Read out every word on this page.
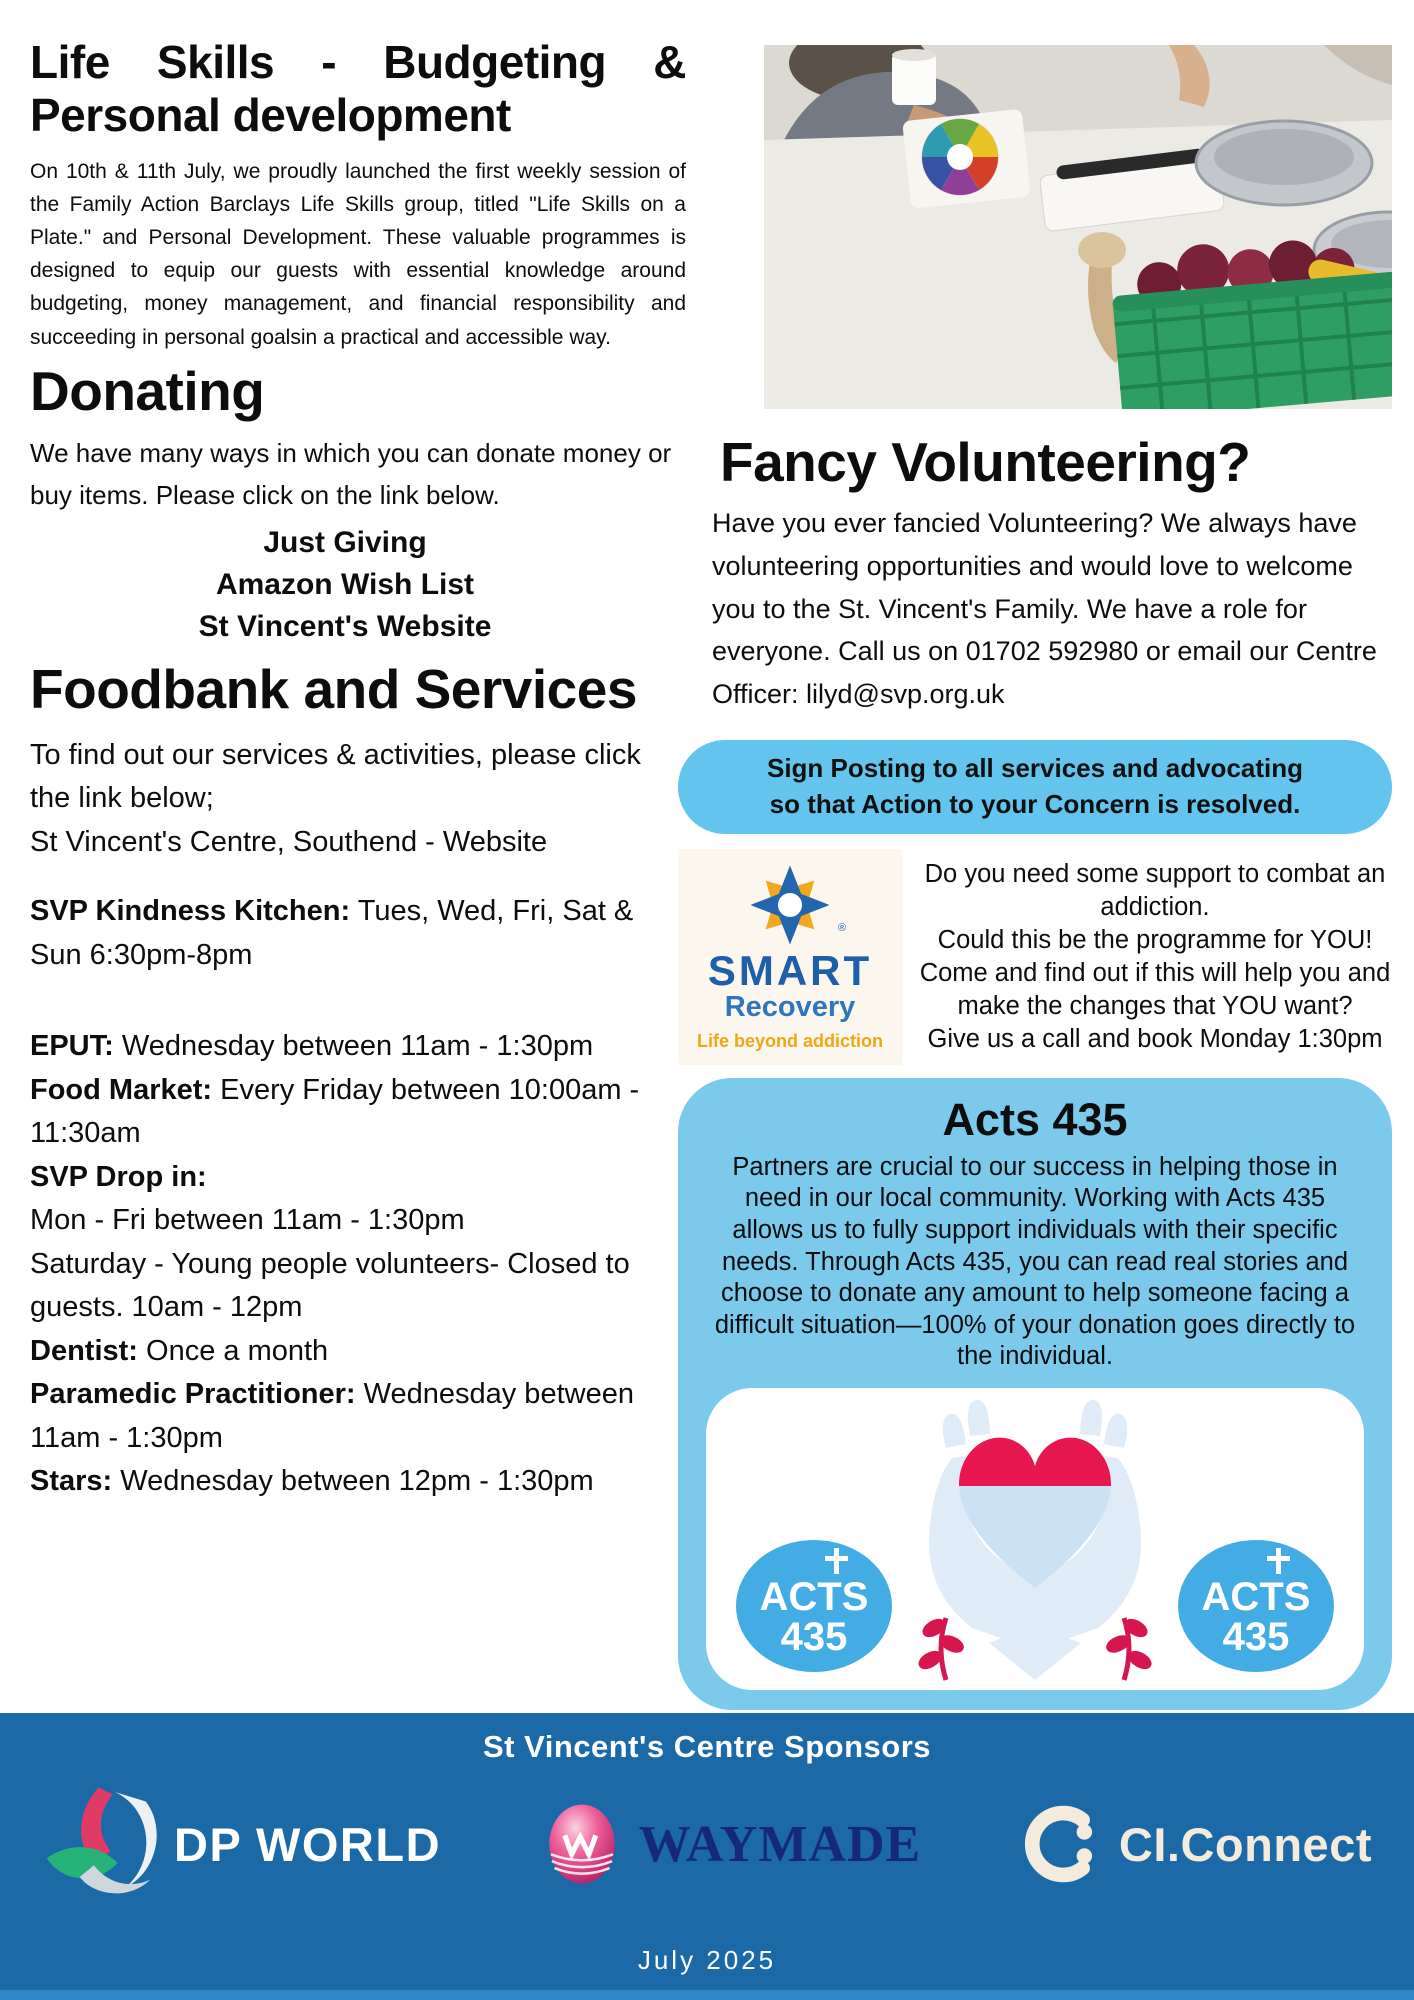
Life Skills - Budgeting & Personal development

On 10th & 11th July, we proudly launched the first weekly session of the Family Action Barclays Life Skills group, titled "Life Skills on a Plate." and Personal Development. These valuable programmes is designed to equip our guests with essential knowledge around budgeting, money management, and financial responsibility and succeeding in personal goalsin a practical and accessible way.

Donating

We have many ways in which you can donate money or buy items. Please click on the link below.

Just Giving
Amazon Wish List
St Vincent's Website
Foodbank and Services

To find out our services & activities, please click the link below;

St Vincent's Centre, Southend - Website

SVP Kindness Kitchen: Tues, Wed, Fri, Sat & Sun 6:30pm-8pm
EPUT: Wednesday between 11am - 1:30pm
Food Market: Every Friday between 10:00am - 11:30am
SVP Drop in:
Mon - Fri between 11am - 1:30pm
Saturday - Young people volunteers- Closed to guests. 10am - 12pm
Dentist: Once a month
Paramedic Practitioner: Wednesday between 11am - 1:30pm
Stars: Wednesday between 12pm - 1:30pm
Fancy Volunteering?

Have you ever fancied Volunteering? We always have volunteering opportunities and would love to welcome you to the St. Vincent's Family. We have a role for everyone. Call us on 01702 592980 or email our Centre Officer: lilyd@svp.org.uk

Sign Posting to all services and advocating
so that Action to your Concern is resolved.
®
SMART
Recovery
Life beyond addiction
Do you need some support to combat an addiction.
Could this be the programme for YOU!
Come and find out if this will help you and make the changes that YOU want?
Give us a call and book Monday 1:30pm
Acts 435

Partners are crucial to our success in helping those in need in our local community. Working with Acts 435 allows us to fully support individuals with their specific needs. Through Acts 435, you can read real stories and choose to donate any amount to help someone facing a difficult situation—100% of your donation goes directly to the individual.

ACTS
435
ACTS
435
St Vincent's Centre Sponsors
DP WORLD	WAYMADE	CI.Connect
July 2025
